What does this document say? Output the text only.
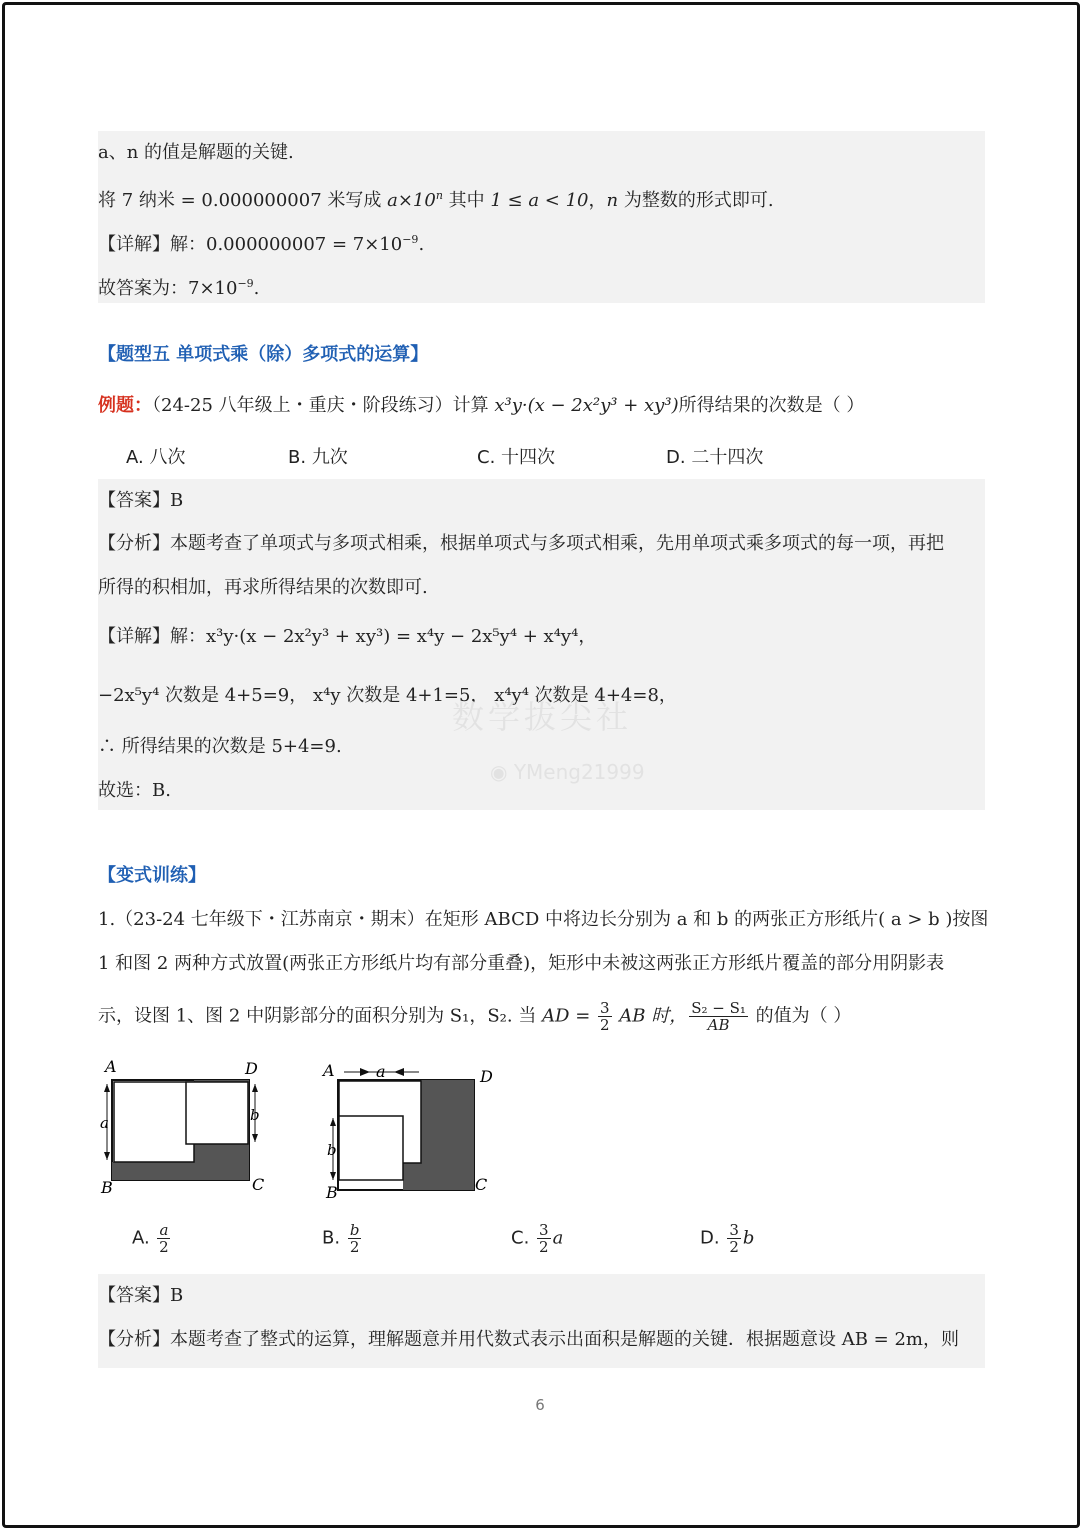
a、n 的值是解题的关键.
将 7 纳米 = 0.000000007 米写成 $a\times 10^n$ 其中 1 ≤ a < 10，n 为整数的形式即可.
【详解】解：$0.000000007 = 7\times 10^{-9}$.
故答案为：$7\times 10^{-9}$.
【题型五 单项式乘（除）多项式的运算】
例题：（24-25 八年级上・重庆・阶段练习）计算 x³y·(x − 2x²y³ + xy³)所得结果的次数是（ ）
A. 八次	B. 九次	C. 十四次	D. 二十四次
【答案】B
【分析】本题考查了单项式与多项式相乘，根据单项式与多项式相乘，先用单项式乘多项式的每一项，再把
所得的积相加，再求所得结果的次数即可.
【详解】解：x³y·(x − 2x²y³ + xy³) = x⁴y − 2x⁵y⁴ + x⁴y⁴，
−2x⁵y⁴ 次数是 4+5=9， x⁴y 次数是 4+1=5， x⁴y⁴ 次数是 4+4=8，
∴ 所得结果的次数是 5+4=9.
故选：B.
数学拔尖社
◉ YMeng21999
【变式训练】
1.（23-24 七年级下・江苏南京・期末）在矩形 ABCD 中将边长分别为 a 和 b 的两张正方形纸片( a > b )按图
1 和图 2 两种方式放置(两张正方形纸片均有部分重叠)，矩形中未被这两张正方形纸片覆盖的部分用阴影表
示，设图 1、图 2 中阴影部分的面积分别为 S₁，S₂. 当 AD = $\frac{3}{2}$ AB 时， $\frac{\text{S₂ − S₁}}{AB}$ 的值为（ ）
A	D
B	C
a	b
A	D
B	C
a
b
A. $\frac{a}{2}$	B. $\frac{b}{2}$	C. $\frac{3}{2}$ a	D. $\frac{3}{2}$ b
【答案】B
【分析】本题考查了整式的运算，理解题意并用代数式表示出面积是解题的关键．根据题意设 AB = 2m，则
6
